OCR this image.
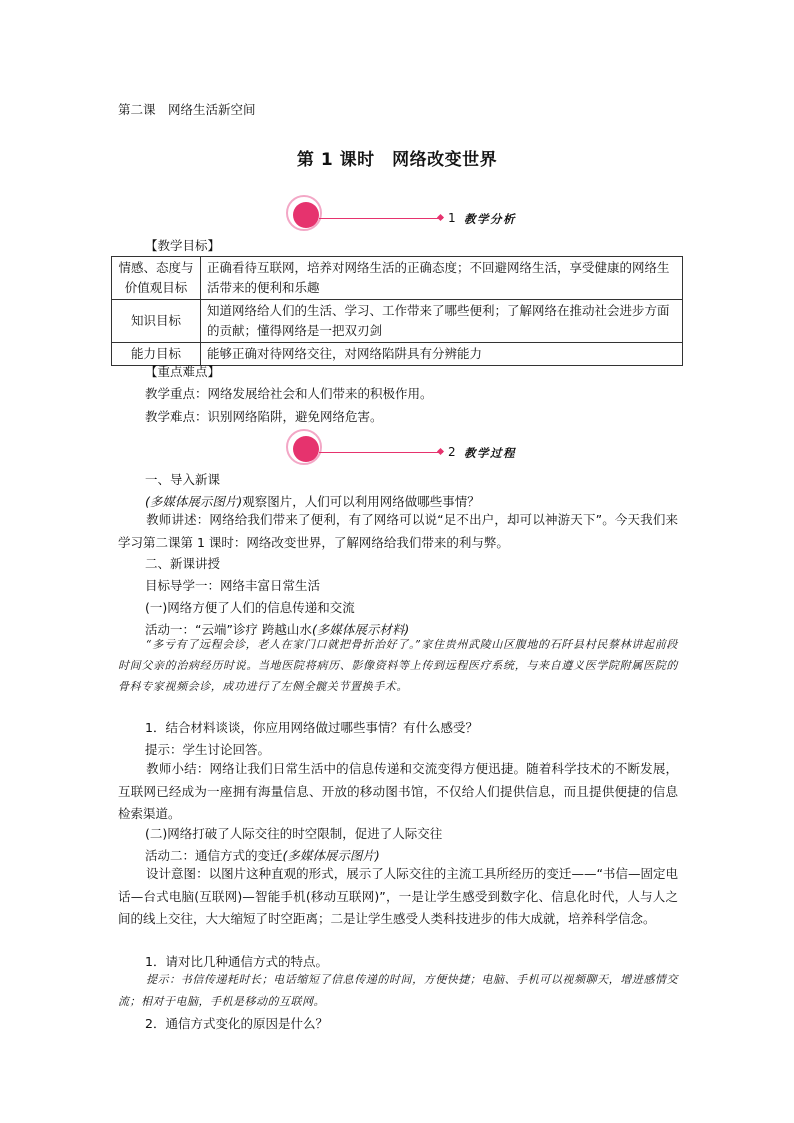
第二课　网络生活新空间
第 1 课时　网络改变世界
1 教学分析
【教学目标】
情感、态度与价值观目标	正确看待互联网，培养对网络生活的正确态度；不回避网络生活，享受健康的网络生活带来的便利和乐趣
知识目标	知道网络给人们的生活、学习、工作带来了哪些便利；了解网络在推动社会进步方面的贡献；懂得网络是一把双刃剑
能力目标	能够正确对待网络交往，对网络陷阱具有分辨能力
【重点难点】
教学重点：网络发展给社会和人们带来的积极作用。
教学难点：识别网络陷阱，避免网络危害。
2 教学过程
一、导入新课
(多媒体展示图片)观察图片，人们可以利用网络做哪些事情？
教师讲述：网络给我们带来了便利，有了网络可以说“足不出户，却可以神游天下”。今天我们来学习第二课第 1 课时：网络改变世界，了解网络给我们带来的利与弊。
二、新课讲授
目标导学一：网络丰富日常生活
(一)网络方便了人们的信息传递和交流
活动一：“云端”诊疗 跨越山水(多媒体展示材料)
“多亏有了远程会诊，老人在家门口就把骨折治好了。”家住贵州武陵山区腹地的石阡县村民蔡林讲起前段时间父亲的治病经历时说。当地医院将病历、影像资料等上传到远程医疗系统，与来自遵义医学院附属医院的骨科专家视频会诊，成功进行了左侧全髋关节置换手术。
1．结合材料谈谈，你应用网络做过哪些事情？有什么感受？
提示：学生讨论回答。
教师小结：网络让我们日常生活中的信息传递和交流变得方便迅捷。随着科学技术的不断发展，互联网已经成为一座拥有海量信息、开放的移动图书馆，不仅给人们提供信息，而且提供便捷的信息检索渠道。
(二)网络打破了人际交往的时空限制，促进了人际交往
活动二：通信方式的变迁(多媒体展示图片)
设计意图：以图片这种直观的形式，展示了人际交往的主流工具所经历的变迁——“书信—固定电话—台式电脑(互联网)—智能手机(移动互联网)”，一是让学生感受到数字化、信息化时代，人与人之间的线上交往，大大缩短了时空距离；二是让学生感受人类科技进步的伟大成就，培养科学信念。
1．请对比几种通信方式的特点。
提示：书信传递耗时长；电话缩短了信息传递的时间，方便快捷；电脑、手机可以视频聊天，增进感情交流；相对于电脑，手机是移动的互联网。
2．通信方式变化的原因是什么？
